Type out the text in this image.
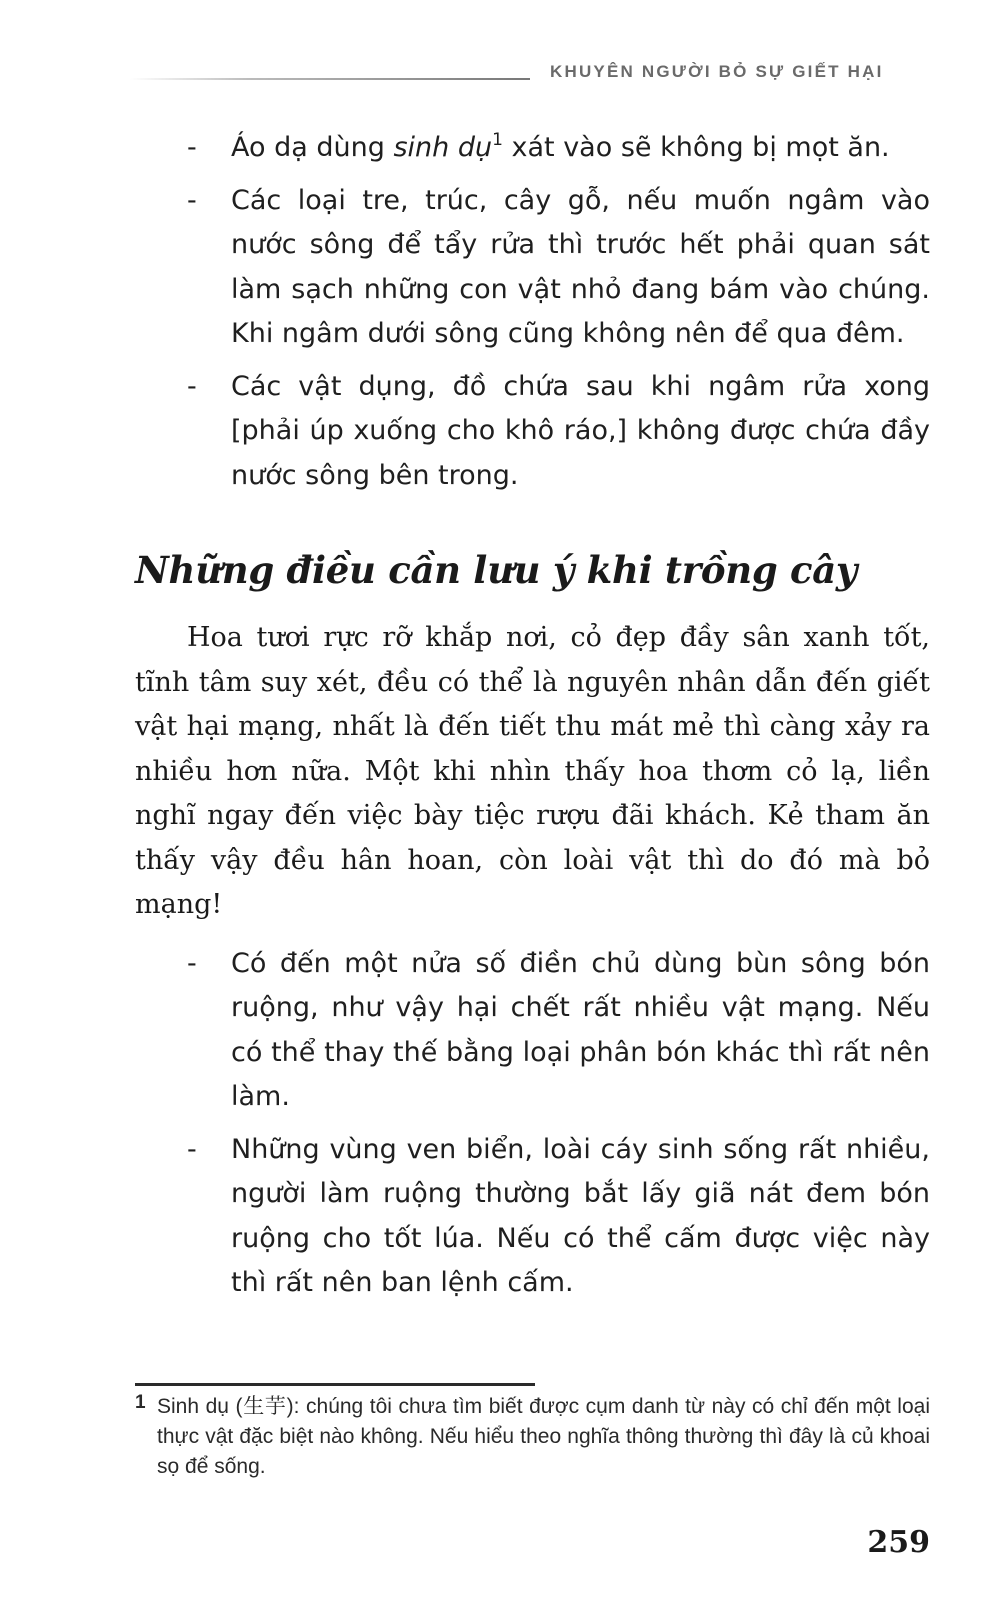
KHUYÊN NGƯỜI BỎ SỰ GIẾT HẠI
- Áo dạ dùng sinh dụ$^1$ xát vào sẽ không bị mọt ăn.
- Các loại tre, trúc, cây gỗ, nếu muốn ngâm vào nước sông để tẩy rửa thì trước hết phải quan sát làm sạch những con vật nhỏ đang bám vào chúng. Khi ngâm dưới sông cũng không nên để qua đêm.
- Các vật dụng, đồ chứa sau khi ngâm rửa xong [phải úp xuống cho khô ráo,] không được chứa đầy nước sông bên trong.
Những điều cần lưu ý khi trồng cây

Hoa tươi rực rỡ khắp nơi, cỏ đẹp đầy sân xanh tốt, tĩnh tâm suy xét, đều có thể là nguyên nhân dẫn đến giết vật hại mạng, nhất là đến tiết thu mát mẻ thì càng xảy ra nhiều hơn nữa. Một khi nhìn thấy hoa thơm cỏ lạ, liền nghĩ ngay đến việc bày tiệc rượu đãi khách. Kẻ tham ăn thấy vậy đều hân hoan, còn loài vật thì do đó mà bỏ mạng!

- Có đến một nửa số điền chủ dùng bùn sông bón ruộng, như vậy hại chết rất nhiều vật mạng. Nếu có thể thay thế bằng loại phân bón khác thì rất nên làm.
- Những vùng ven biển, loài cáy sinh sống rất nhiều, người làm ruộng thường bắt lấy giã nát đem bón ruộng cho tốt lúa. Nếu có thể cấm được việc này thì rất nên ban lệnh cấm.
1 Sinh dụ (生芋): chúng tôi chưa tìm biết được cụm danh từ này có chỉ đến một loại thực vật đặc biệt nào không. Nếu hiểu theo nghĩa thông thường thì đây là củ khoai sọ để sống.
259
